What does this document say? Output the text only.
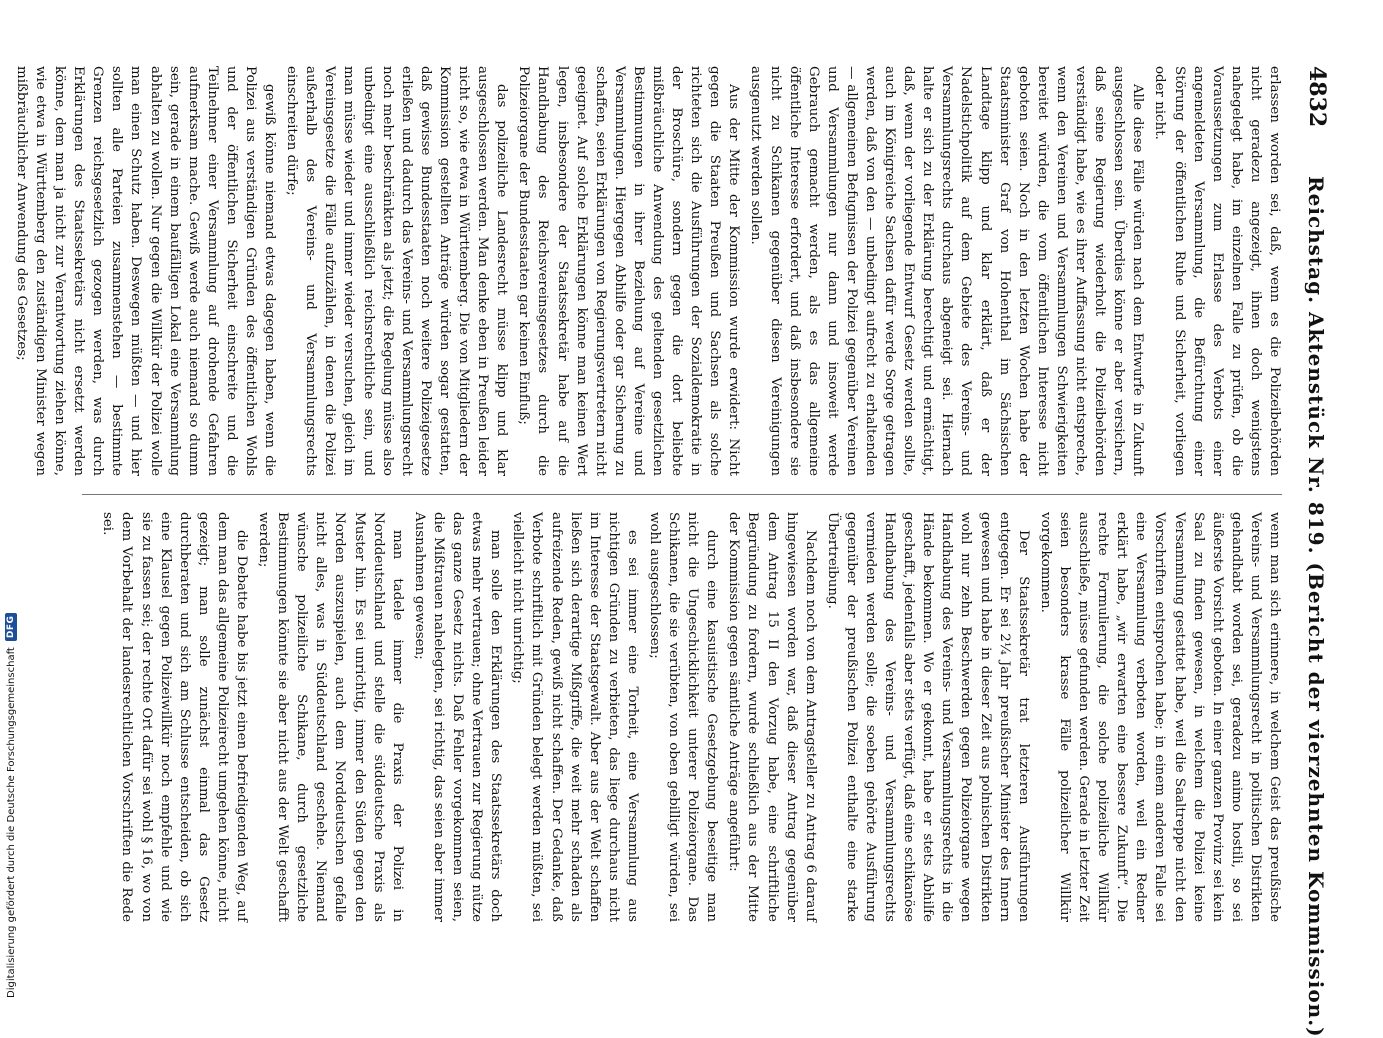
4832
Reichstag. Aktenstück Nr. 819. (Bericht der vierzehnten Kommission.)

erlassen worden sei, daß, wenn es die Polizeibehörden nicht geradezu angezeigt, ihnen doch wenigstens nahegelegt habe, im einzelnen Falle zu prüfen, ob die Voraussetzungen zum Erlasse des Verbots einer angemeldeten Versammlung, die Befürchtung einer Störung der öffentlichen Ruhe und Sicherheit, vorliegen oder nicht.

Alle diese Fälle würden nach dem Entwurfe in Zukunft ausgeschlossen sein. Überdies könne er aber versichern, daß seine Regierung wiederholt die Polizeibehörden verständigt habe, wie es ihrer Auffassung nicht entspreche, wenn den Vereinen und Versammlungen Schwierigkeiten bereitet würden, die vom öffentlichen Interesse nicht geboten seien. Noch in den letzten Wochen habe der Staatsminister Graf von Hohenthal im Sächsischen Landtage klipp und klar erklärt, daß er der Nadelstichpolitik auf dem Gebiete des Vereins- und Versammlungsrechts durchaus abgeneigt sei. Hiernach halte er sich zu der Erklärung berechtigt und ermächtigt, daß, wenn der vorliegende Entwurf Gesetz werden sollte, auch im Königreiche Sachsen dafür werde Sorge getragen werden, daß von den — unbedingt aufrecht zu erhaltenden — allgemeinen Befugnissen der Polizei gegenüber Vereinen und Versammlungen nur dann und insoweit werde Gebrauch gemacht werden, als es das allgemeine öffentliche Interesse erfordert, und daß insbesondere sie nicht zu Schikanen gegenüber diesen Vereinigungen ausgenutzt werden sollen.

Aus der Mitte der Kommission wurde erwidert: Nicht gegen die Staaten Preußen und Sachsen als solche richteten sich die Ausführungen der Sozialdemokratie in der Broschüre, sondern gegen die dort beliebte mißbräuchliche Anwendung des geltenden gesetzlichen Bestimmungen in ihrer Beziehung auf Vereine und Versammlungen. Hiergegen Abhilfe oder gar Sicherung zu schaffen, seien Erklärungen von Regierungsvertretern nicht geeignet. Auf solche Erklärungen könne man keinen Wert legen, insbesondere der Staatssekretär habe auf die Handhabung des Reichsvereinsgesetzes durch die Polizeiorgane der Bundesstaaten gar keinen Einfluß;

das polizeiliche Landesrecht müsse klipp und klar ausgeschlossen werden. Man denke eben in Preußen leider nicht so, wie etwa in Württemberg. Die von Mitgliedern der Kommission gestellten Anträge würden sogar gestatten, daß gewisse Bundesstaaten noch weitere Polizeigesetze erließen und dadurch das Vereins- und Versammlungsrecht noch mehr beschränkten als jetzt; die Regelung müsse also unbedingt eine ausschließlich reichsrechtliche sein, und man müsse wieder und immer wieder versuchen, gleich im Vereinsgesetze die Fälle aufzuzählen, in denen die Polizei außerhalb des Vereins- und Versammlungsrechts einschreiten dürfe;

gewiß könne niemand etwas dagegen haben, wenn die Polizei aus verständigen Gründen des öffentlichen Wohls und der öffentlichen Sicherheit einschreite und die Teilnehmer einer Versammlung auf drohende Gefahren aufmerksam mache. Gewiß werde auch niemand so dumm sein, gerade in einem baufälligen Lokal eine Versammlung abhalten zu wollen. Nur gegen die Willkür der Polizei wolle man einen Schutz haben. Deswegen müßten — und hier sollten alle Parteien zusammenstehen — bestimmte Grenzen reichsgesetzlich gezogen werden, was durch Erklärungen des Staatssekretärs nicht ersetzt werden könne, dem man ja nicht zur Verantwortung ziehen könne, wie etwa in Württemberg den zuständigen Minister wegen mißbräuchlicher Anwendung des Gesetzes;

wenn man sich erinnere, in welchem Geist das preußische Vereins- und Versammlungsrecht in politischen Distrikten gehandhabt worden sei, geradezu animo hostili, so sei äußerste Vorsicht geboten. In einer ganzen Provinz sei kein Saal zu finden gewesen, in welchem die Polizei keine Versammlung gestattet habe, weil die Saaltreppe nicht den Vorschriften entsprochen habe; in einem anderen Falle sei eine Versammlung verboten worden, weil ein Redner erklärt habe, „wir erwarten eine bessere Zukunft“. Die rechte Formulierung, die solche polizeiliche Willkür ausschließe, müsse gefunden werden. Gerade in letzter Zeit seien besonders krasse Fälle polizeilicher Willkür vorgekommen.

Der Staatssekretär trat letzteren Ausführungen entgegen. Er sei 2¼ Jahr preußischer Minister des Innern gewesen und habe in dieser Zeit aus polnischen Distrikten wohl nur zehn Beschwerden gegen Polizeiorgane wegen Handhabung des Vereins- und Versammlungsrechts in die Hände bekommen. Wo er gekonnt, habe er stets Abhilfe geschafft, jedenfalls aber stets verfügt, daß eine schikanöse Handhabung des Vereins- und Versammlungsrechts vermieden werden solle; die soeben gehörte Ausführung gegenüber der preußischen Polizei enthalte eine starke Übertreibung.

Nachdem noch von dem Antragsteller zu Antrag 6 darauf hingewiesen worden war, daß dieser Antrag gegenüber dem Antrag 15 II den Vorzug habe, eine schriftliche Begründung zu fordern, wurde schließlich aus der Mitte der Kommission gegen sämtliche Anträge angeführt:

durch eine kasuistische Gesetzgebung beseitige man nicht die Ungeschicklichkeit unterer Polizeiorgane. Das Schikanen, die sie verübten, von oben gebilligt würden, sei wohl ausgeschlossen;

es sei immer eine Torheit, eine Versammlung aus nichtigen Gründen zu verbieten, das liege durchaus nicht im Interesse der Staatsgewalt. Aber aus der Welt schaffen ließen sich derartige Mißgriffe, die weit mehr schaden als aufreizende Reden, gewiß nicht schaffen. Der Gedanke, daß Verbote schriftlich mit Gründen belegt werden müßten, sei vielleicht nicht unrichtig;

man solle den Erklärungen des Staatssekretärs doch etwas mehr vertrauen; ohne Vertrauen zur Regierung nütze das ganze Gesetz nichts. Daß Fehler vorgekommen seien, die Mißtrauen nahelegten, sei richtig, das seien aber immer Ausnahmen gewesen;

man tadele immer die Praxis der Polizei in Norddeutschland und stelle die süddeutsche Praxis als Muster hin. Es sei unrichtig, immer den Süden gegen den Norden auszuspielen, auch dem Norddeutschen gefalle nicht alles, was in Süddeutschland geschehe. Niemand wünsche polizeiliche Schikane, durch gesetzliche Bestimmungen könnte sie aber nicht aus der Welt geschafft werden;

die Debatte habe bis jetzt einen befriedigenden Weg, auf dem man das allgemeine Polizeirecht umgehen könne, nicht gezeigt; man solle zunächst einmal das Gesetz durchberaten und sich am Schlusse entscheiden, ob sich eine Klausel gegen Polizeiwillkür noch empfehle und wie sie zu fassen sei; der rechte Ort dafür sei wohl § 16, wo von dem Vorbehalt der landesrechtlichen Vorschriften die Rede sei.

Digitalisierung gefördert durch die Deutsche Forschungsgemeinschaft
DFG
